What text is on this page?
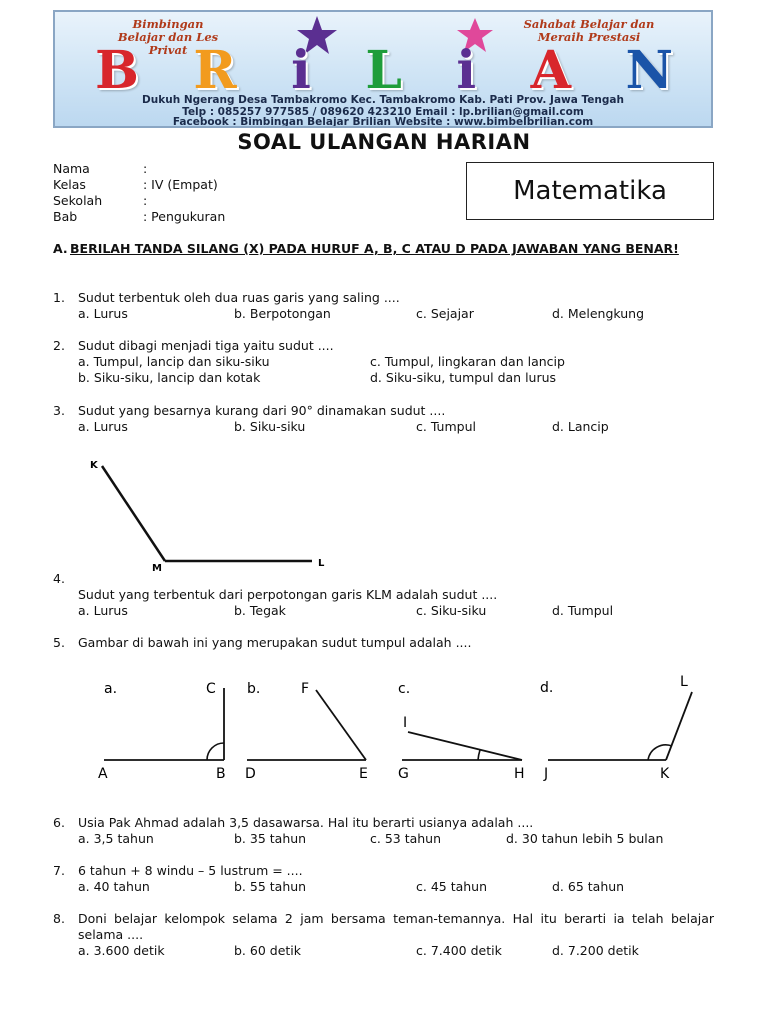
Bimbingan Belajar dan Les Privat
Sahabat Belajar dan Meraih Prestasi
B R i L i A N
Dukuh Ngerang Desa Tambakromo Kec. Tambakromo Kab. Pati Prov. Jawa Tengah
Telp : 085257 977585 / 089620 423210 Email : lp.brilian@gmail.com
Facebook : Bimbingan Belajar Brilian Website : www.bimbelbrilian.com
SOAL ULANGAN HARIAN
Nama	:
Kelas	: IV (Empat)
Sekolah	:
Bab	: Pengukuran
Matematika
A. BERILAH TANDA SILANG (X) PADA HURUF A, B, C ATAU D PADA JAWABAN YANG BENAR!
1. Sudut terbentuk oleh dua ruas garis yang saling ....
a. Lurus	b. Berpotongan	c. Sejajar	d. Melengkung
2. Sudut dibagi menjadi tiga yaitu sudut ....
a. Tumpul, lancip dan siku-siku	c. Tumpul, lingkaran dan lancip
b. Siku-siku, lancip dan kotak	d. Siku-siku, tumpul dan lurus
3. Sudut yang besarnya kurang dari 90° dinamakan sudut ....
a. Lurus	b. Siku-siku	c. Tumpul	d. Lancip
K
M	L
4.
Sudut yang terbentuk dari perpotongan garis KLM adalah sudut ....
a. Lurus	b. Tegak	c. Siku-siku	d. Tumpul
5. Gambar di bawah ini yang merupakan sudut tumpul adalah ....
a.
A	B
C b.
D	E
F	c.
G	H
I
d.
J	K
L
6. Usia Pak Ahmad adalah 3,5 dasawarsa. Hal itu berarti usianya adalah ....
a. 3,5 tahun	b. 35 tahun	c. 53 tahun	d. 30 tahun lebih 5 bulan
7. 6 tahun + 8 windu – 5 lustrum = ....
a. 40 tahun	b. 55 tahun	c. 45 tahun	d. 65 tahun
8. Doni belajar kelompok selama 2 jam bersama teman-temannya. Hal itu berarti ia telah belajar selama ....
a. 3.600 detik	b. 60 detik	c. 7.400 detik	d. 7.200 detik
